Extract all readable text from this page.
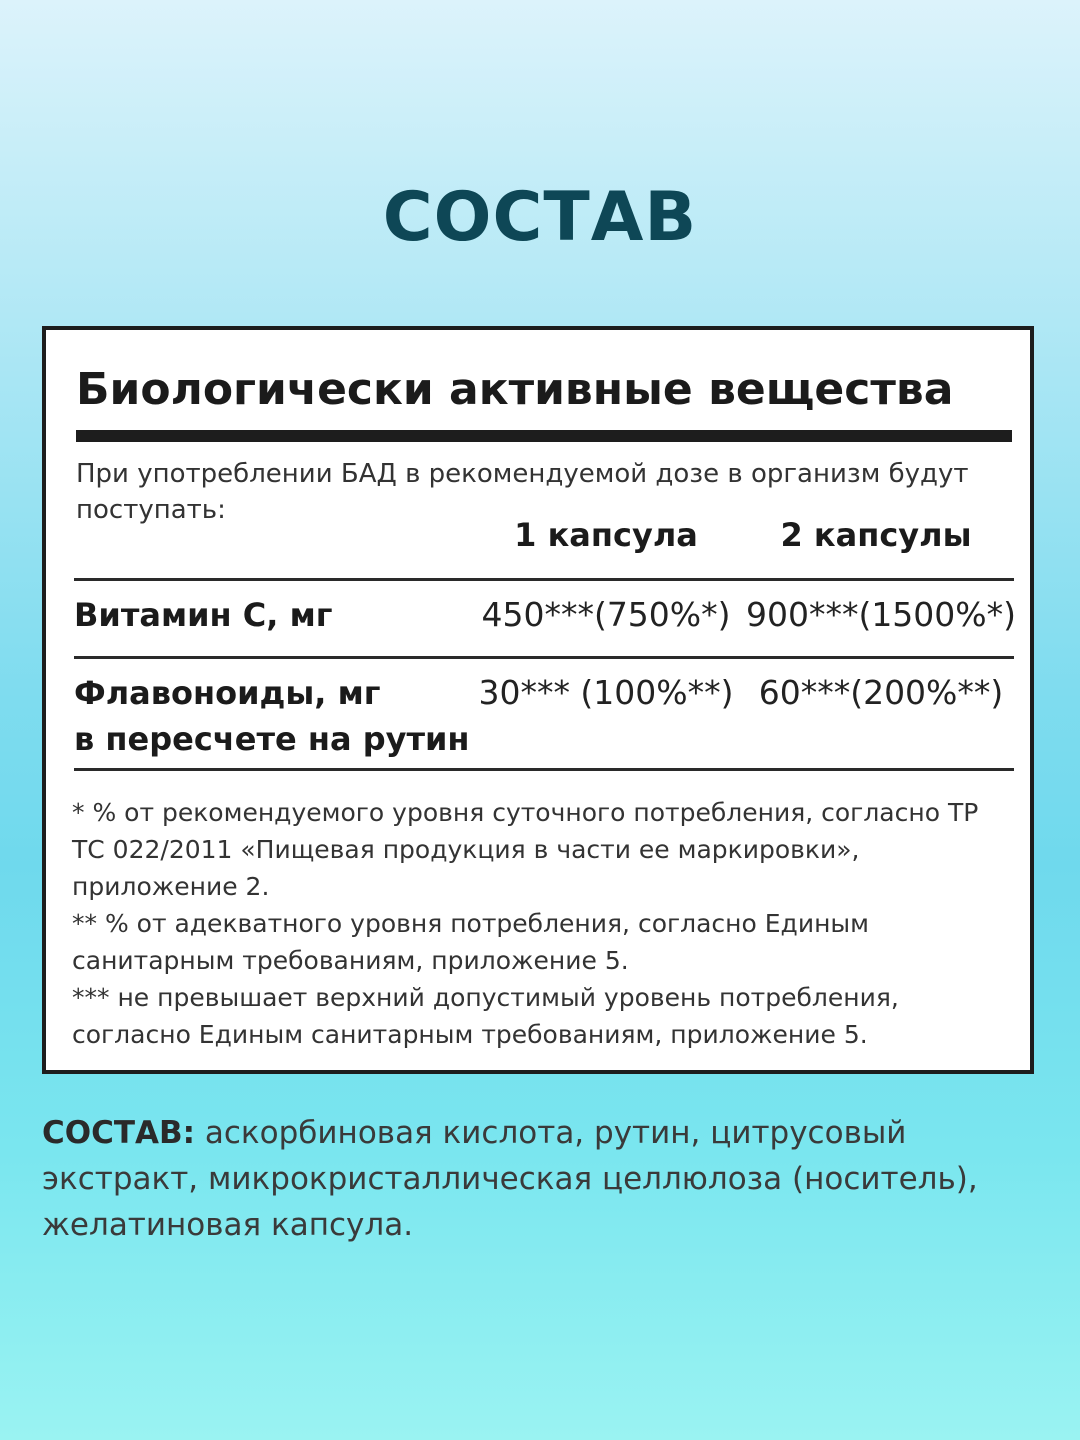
СОСТАВ
Биологически активные вещества
При употреблении БАД в рекомендуемой дозе в организм будут поступать:
1 капсула	2 капсулы
Витамин С, мг	450***(750%*) 900***(1500%*)
Флавоноиды, мг
в пересчете на рутин
30*** (100%**) 60***(200%**)
* % от рекомендуемого уровня суточного потребления, согласно ТР ТС 022/2011 «Пищевая продукция в части ее маркировки», приложение 2.
** % от адекватного уровня потребления, согласно Единым санитарным требованиям, приложение 5.
*** не превышает верхний допустимый уровень потребления, согласно Единым санитарным требованиям, приложение 5.
СОСТАВ: аскорбиновая кислота, рутин, цитрусовый экстракт, микрокристаллическая целлюлоза (носитель), желатиновая капсула.
